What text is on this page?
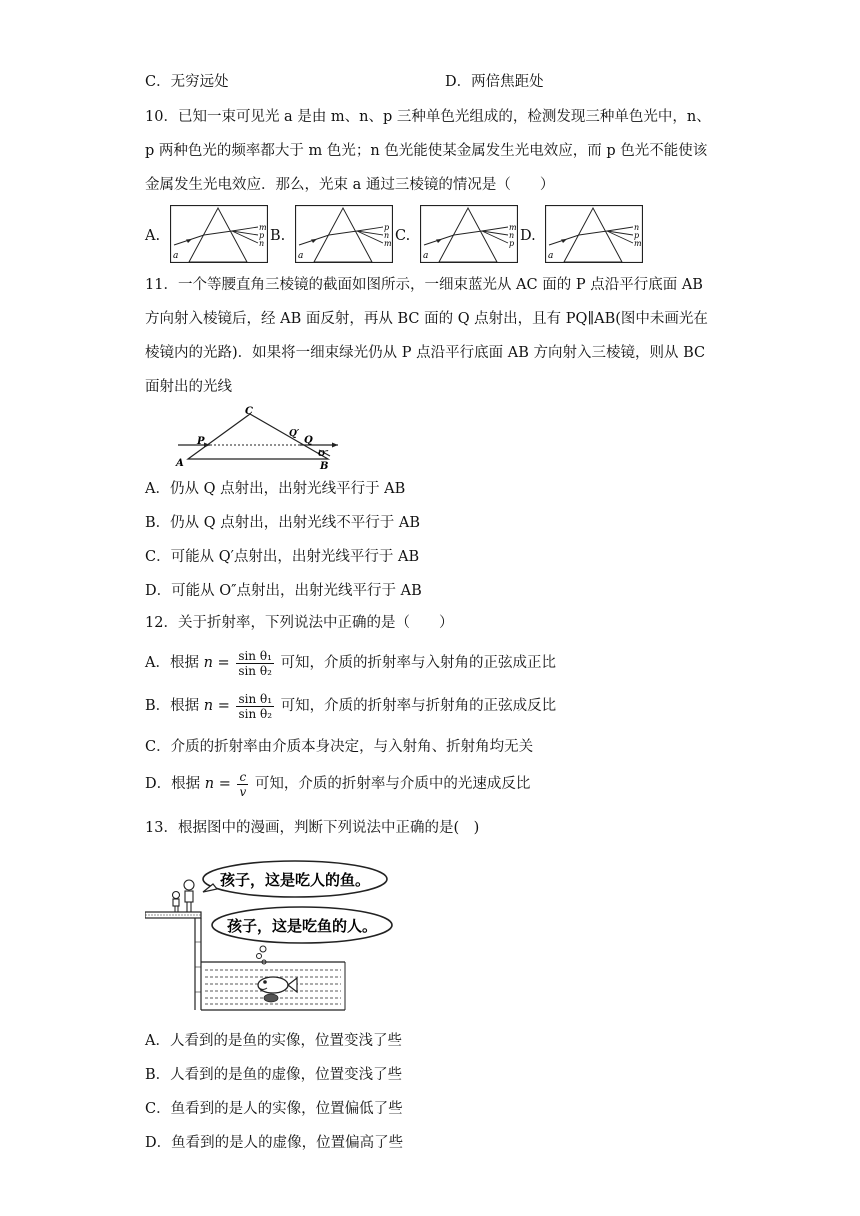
C．无穷远处	D．两倍焦距处
10．已知一束可见光 a 是由 m、n、p 三种单色光组成的，检测发现三种单色光中，n、
p 两种色光的频率都大于 m 色光；n 色光能使某金属发生光电效应，而 p 色光不能使该
金属发生光电效应．那么，光束 a 通过三棱镜的情况是（　　）
A.
m
p
n
a
B.
p
n
m
a
C.
m
n
p
a
D.
n
p
m
a
11．一个等腰直角三棱镜的截面如图所示，一细束蓝光从 AC 面的 P 点沿平行底面 AB
方向射入棱镜后，经 AB 面反射，再从 BC 面的 Q 点射出，且有 PQ∥AB(图中未画光在
棱镜内的光路)．如果将一细束绿光仍从 P 点沿平行底面 AB 方向射入三棱镜，则从 BC
面射出的光线
C
P
Q′
Q
O″
A	B
A．仍从 Q 点射出，出射光线平行于 AB
B．仍从 Q 点射出，出射光线不平行于 AB
C．可能从 Q′点射出，出射光线平行于 AB
D．可能从 O″点射出，出射光线平行于 AB
12．关于折射率，下列说法中正确的是（　　）
A．根据 $n = \frac{\text{sin θ₁}}{\text{sin θ₂}}$ 可知，介质的折射率与入射角的正弦成正比
B．根据 $n = \frac{\text{sin θ₁}}{\text{sin θ₂}}$ 可知，介质的折射率与折射角的正弦成反比
C．介质的折射率由介质本身决定，与入射角、折射角均无关
D．根据 $n = \frac{c}{v}$ 可知，介质的折射率与介质中的光速成反比
13．根据图中的漫画，判断下列说法中正确的是(　)
孩子，这是吃人的鱼。
孩子，这是吃鱼的人。
A．人看到的是鱼的实像，位置变浅了些
B．人看到的是鱼的虚像，位置变浅了些
C．鱼看到的是人的实像，位置偏低了些
D．鱼看到的是人的虚像，位置偏高了些
